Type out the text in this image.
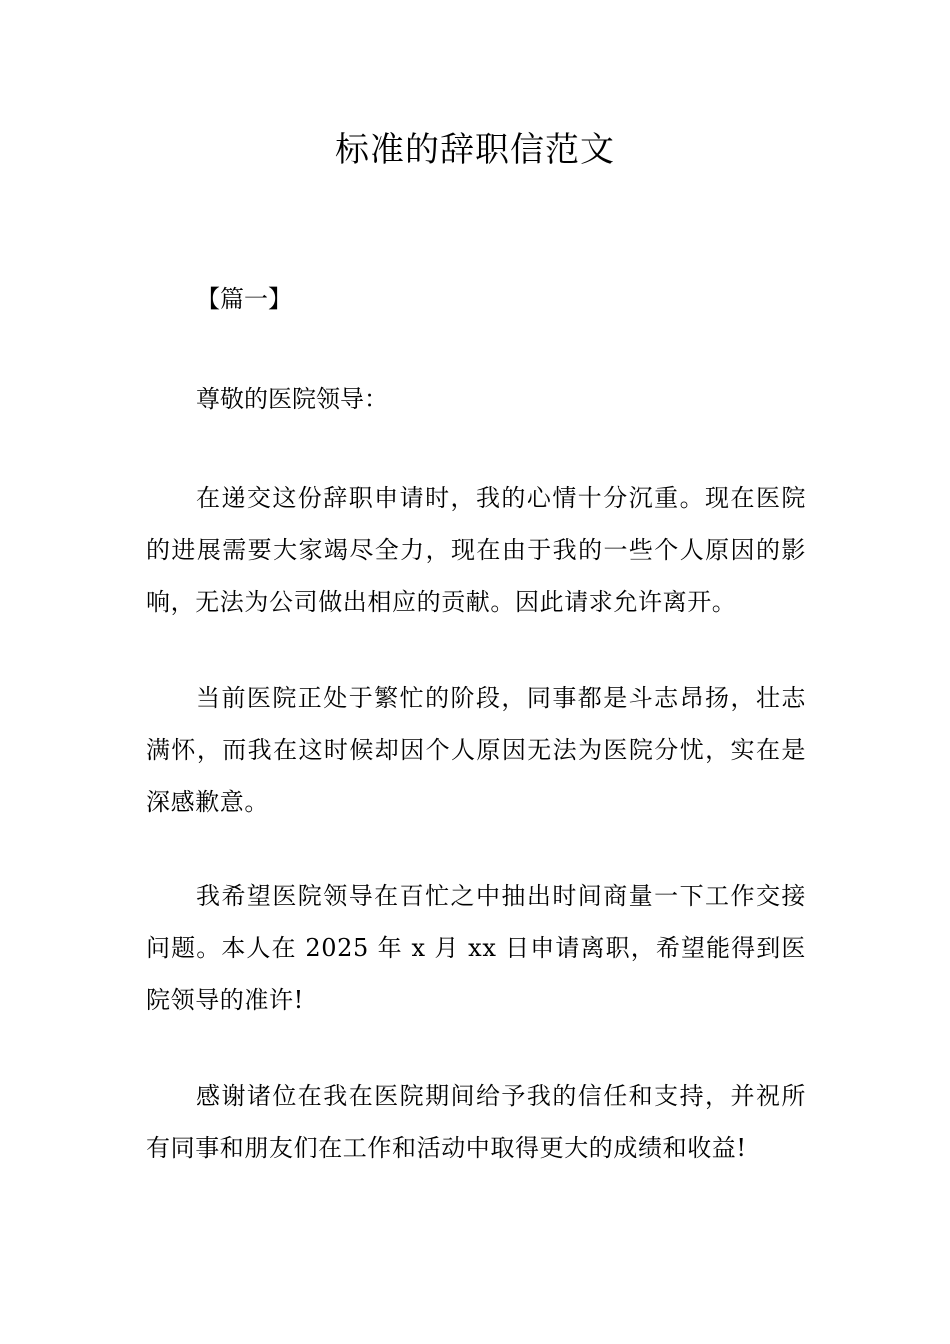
标准的辞职信范文
【篇一】
尊敬的医院领导：
在递交这份辞职申请时，我的心情十分沉重。现在医院的进展需要大家竭尽全力，现在由于我的一些个人原因的影响，无法为公司做出相应的贡献。因此请求允许离开。
当前医院正处于繁忙的阶段，同事都是斗志昂扬，壮志满怀，而我在这时候却因个人原因无法为医院分忧，实在是深感歉意。
我希望医院领导在百忙之中抽出时间商量一下工作交接问题。本人在 2025 年 x 月 xx 日申请离职，希望能得到医院领导的准许!
感谢诸位在我在医院期间给予我的信任和支持，并祝所有同事和朋友们在工作和活动中取得更大的成绩和收益!
